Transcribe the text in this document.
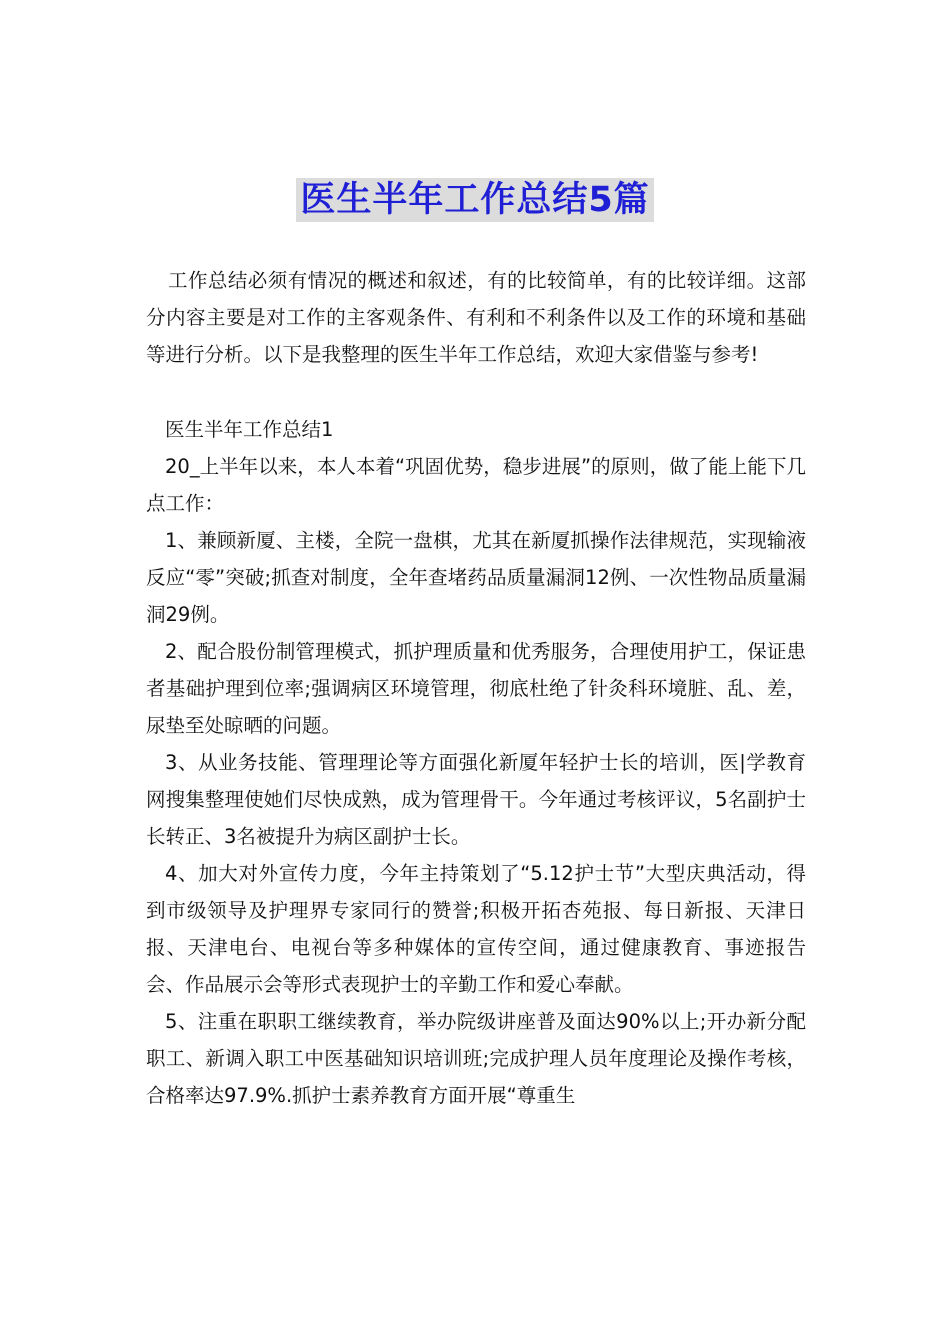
医生半年工作总结5篇

工作总结必须有情况的概述和叙述，有的比较简单，有的比较详细。这部分内容主要是对工作的主客观条件、有利和不利条件以及工作的环境和基础等进行分析。以下是我整理的医生半年工作总结，欢迎大家借鉴与参考!

医生半年工作总结1

20_上半年以来，本人本着“巩固优势，稳步进展”的原则，做了能上能下几点工作：

1、兼顾新厦、主楼，全院一盘棋，尤其在新厦抓操作法律规范，实现输液反应“零”突破;抓查对制度，全年查堵药品质量漏洞12例、一次性物品质量漏洞29例。

2、配合股份制管理模式，抓护理质量和优秀服务，合理使用护工，保证患者基础护理到位率;强调病区环境管理，彻底杜绝了针灸科环境脏、乱、差，尿垫至处晾晒的问题。

3、从业务技能、管理理论等方面强化新厦年轻护士长的培训，医|学教育网搜集整理使她们尽快成熟，成为管理骨干。今年通过考核评议，5名副护士长转正、3名被提升为病区副护士长。

4、加大对外宣传力度，今年主持策划了“5.12护士节”大型庆典活动，得到市级领导及护理界专家同行的赞誉;积极开拓杏苑报、每日新报、天津日报、天津电台、电视台等多种媒体的宣传空间，通过健康教育、事迹报告会、作品展示会等形式表现护士的辛勤工作和爱心奉献。

5、注重在职职工继续教育，举办院级讲座普及面达90%以上;开办新分配职工、新调入职工中医基础知识培训班;完成护理人员年度理论及操作考核，合格率达97.9%.抓护士素养教育方面开展“尊重生
